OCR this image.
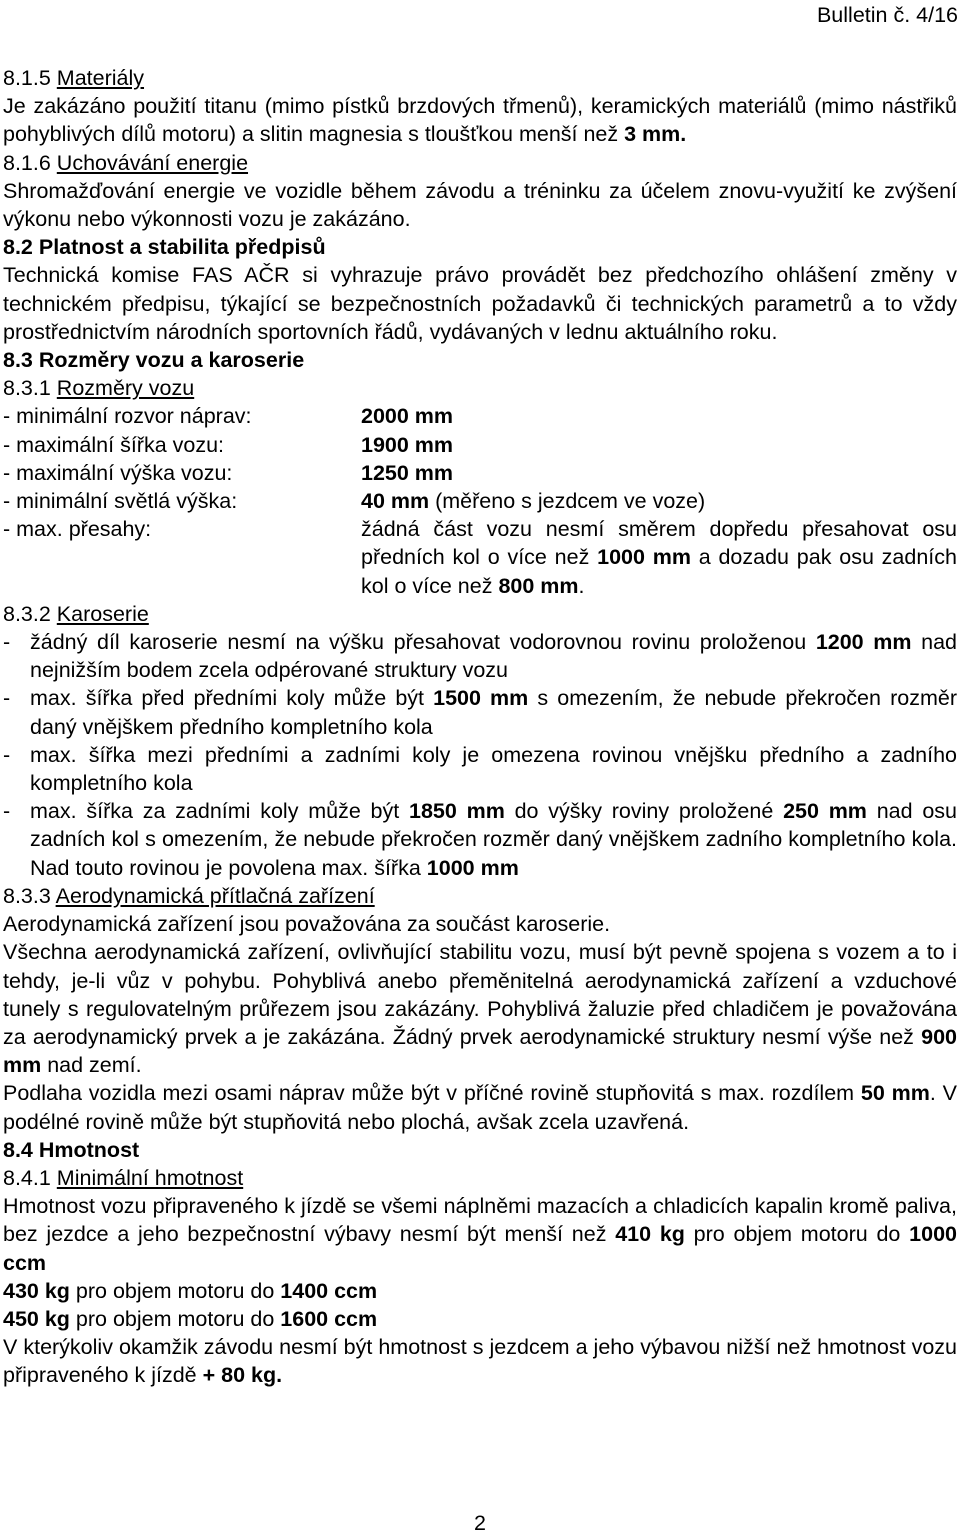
Bulletin č. 4/16

8.1.5 Materiály

Je zakázáno použití titanu (mimo pístků brzdových třmenů), keramických materiálů (mimo nástřiků pohyblivých dílů motoru) a slitin magnesia s tloušťkou menší než 3 mm.

8.1.6 Uchovávání energie

Shromažďování energie ve vozidle během závodu a tréninku za účelem znovu-využití ke zvýšení výkonu nebo výkonnosti vozu je zakázáno.

8.2 Platnost a stabilita předpisů

Technická komise FAS AČR si vyhrazuje právo provádět bez předchozího ohlášení změny v technickém předpisu, týkající se bezpečnostních požadavků či technických parametrů a to vždy prostřednictvím národních sportovních řádů, vydávaných v lednu aktuálního roku.

8.3 Rozměry vozu a karoserie

8.3.1 Rozměry vozu

- minimální rozvor náprav:	2000 mm
- maximální šířka vozu:	1900 mm
- maximální výška vozu:	1250 mm
- minimální světlá výška:	40 mm (měřeno s jezdcem ve voze)
- max. přesahy:	žádná část vozu nesmí směrem dopředu přesahovat osu předních kol o více než 1000 mm a dozadu pak osu zadních kol o více než 800 mm.

8.3.2 Karoserie

- žádný díl karoserie nesmí na výšku přesahovat vodorovnou rovinu proloženou 1200 mm nad nejnižším bodem zcela odpérované struktury vozu
- max. šířka před předními koly může být 1500 mm s omezením, že nebude překročen rozměr daný vnějškem předního kompletního kola
- max. šířka mezi předními a zadními koly je omezena rovinou vnějšku předního a zadního kompletního kola
- max. šířka za zadními koly může být 1850 mm do výšky roviny proložené 250 mm nad osu zadních kol s omezením, že nebude překročen rozměr daný vnějškem zadního kompletního kola. Nad touto rovinou je povolena max. šířka 1000 mm

8.3.3 Aerodynamická přítlačná zařízení

Aerodynamická zařízení jsou považována za součást karoserie.

Všechna aerodynamická zařízení, ovlivňující stabilitu vozu, musí být pevně spojena s vozem a to i tehdy, je-li vůz v pohybu. Pohyblivá anebo přeměnitelná aerodynamická zařízení a vzduchové tunely s regulovatelným průřezem jsou zakázány. Pohyblivá žaluzie před chladičem je považována za aerodynamický prvek a je zakázána. Žádný prvek aerodynamické struktury nesmí výše než 900 mm nad zemí.

Podlaha vozidla mezi osami náprav může být v příčné rovině stupňovitá s max. rozdílem 50 mm. V podélné rovině může být stupňovitá nebo plochá, avšak zcela uzavřená.

8.4 Hmotnost

8.4.1 Minimální hmotnost

Hmotnost vozu připraveného k jízdě se všemi náplněmi mazacích a chladicích kapalin kromě paliva, bez jezdce a jeho bezpečnostní výbavy nesmí být menší než 410 kg pro objem motoru do 1000 ccm

430 kg pro objem motoru do 1400 ccm

450 kg pro objem motoru do 1600 ccm

V kterýkoliv okamžik závodu nesmí být hmotnost s jezdcem a jeho výbavou nižší než hmotnost vozu připraveného k jízdě + 80 kg.

2
